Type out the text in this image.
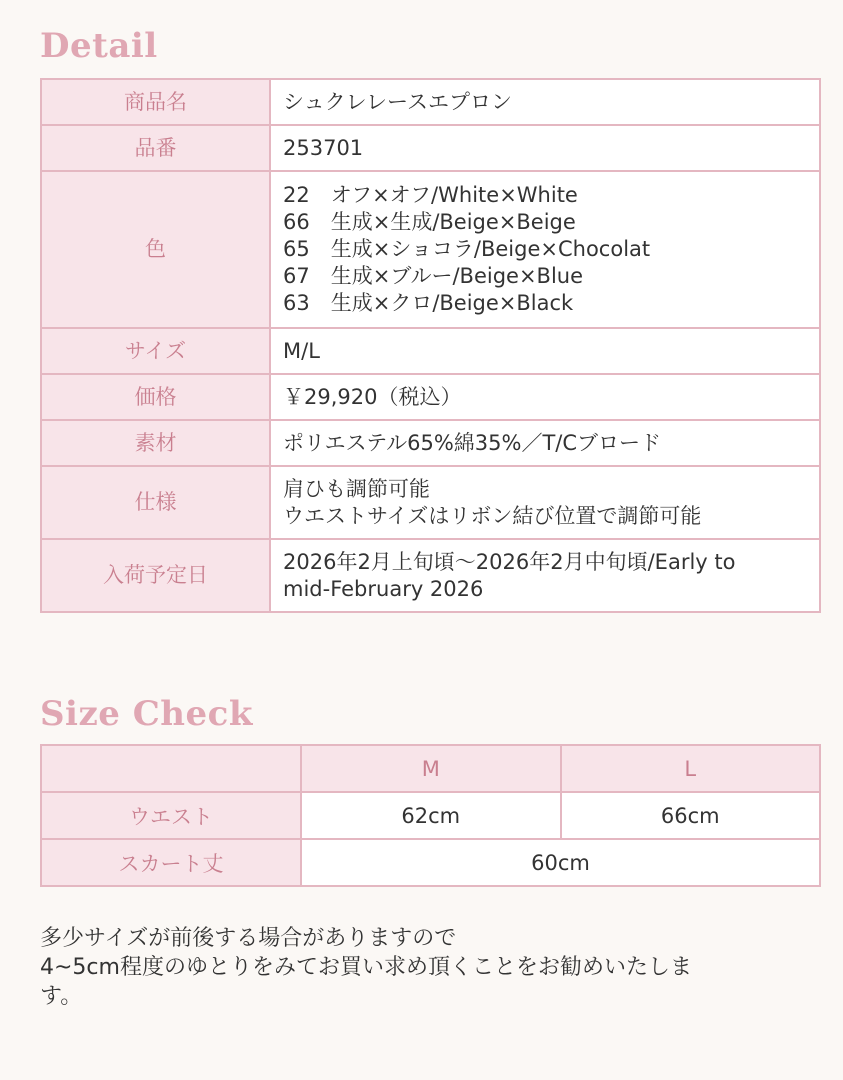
Detail
商品名	シュクレレースエプロン
品番	253701
色	22　オフ×オフ/White×White
66　生成×生成/Beige×Beige
65　生成×ショコラ/Beige×Chocolat
67　生成×ブルー/Beige×Blue
63　生成×クロ/Beige×Black

サイズ	M/L
価格	￥29,920（税込）
素材	ポリエステル65%綿35%／T/Cブロード
仕様	肩ひも調節可能
ウエストサイズはリボン結び位置で調節可能

入荷予定日	2026年2月上旬頃～2026年2月中旬頃/Early to
mid-February 2026
Size Check
	M	L
ウエスト	62cm	66cm
スカート丈	60cm	
多少サイズが前後する場合がありますので
4~5cm程度のゆとりをみてお買い求め頂くことをお勧めいたしま
す。
